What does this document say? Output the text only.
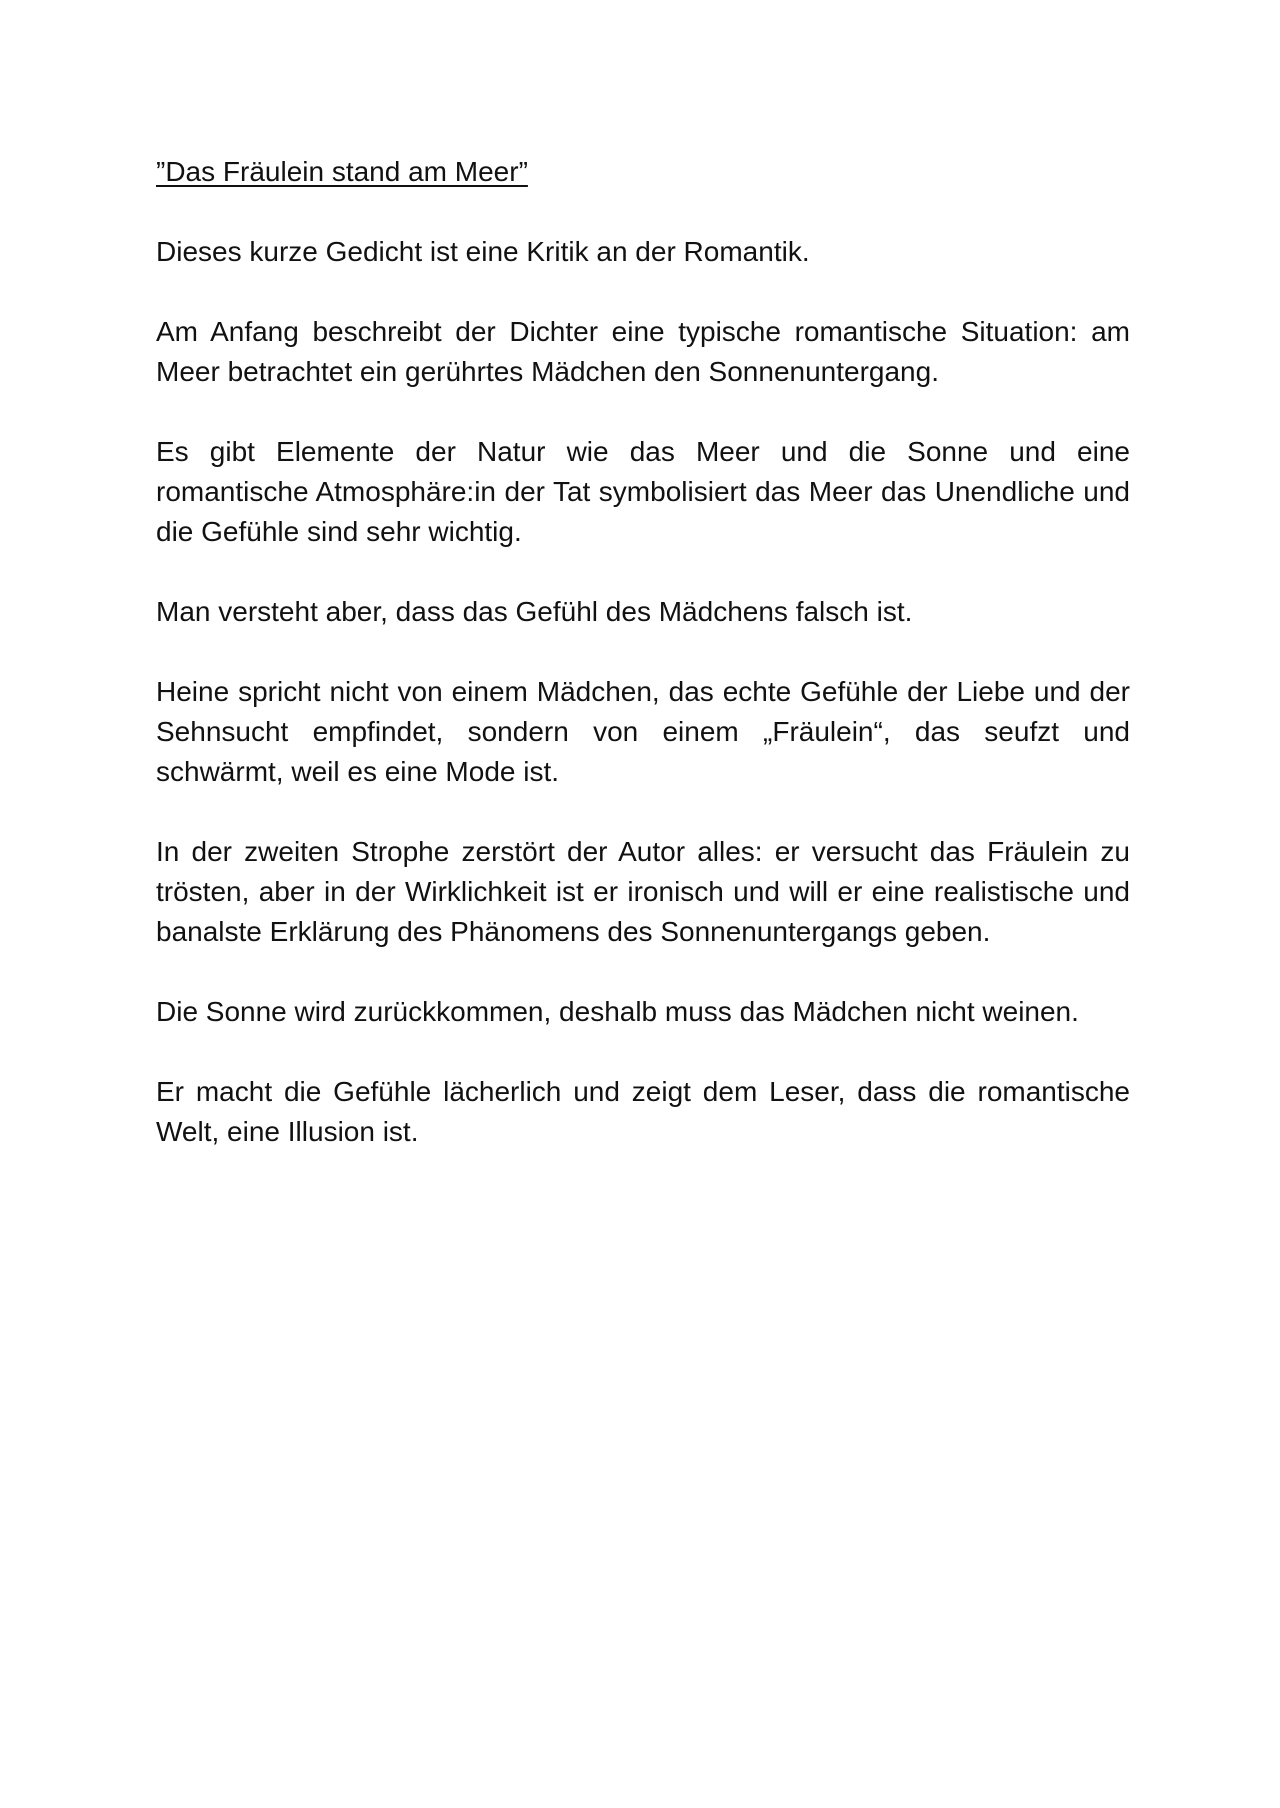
”Das Fräulein stand am Meer”

Dieses kurze Gedicht ist eine Kritik an der Romantik.

Am Anfang beschreibt der Dichter eine typische romantische Situation: am Meer betrachtet ein gerührtes Mädchen den Sonnenuntergang.

Es gibt Elemente der Natur wie das Meer und die Sonne und eine romantische Atmosphäre:in der Tat symbolisiert das Meer das Unendliche und die Gefühle sind sehr wichtig.

Man versteht aber, dass das Gefühl des Mädchens falsch ist.

Heine spricht nicht von einem Mädchen, das echte Gefühle der Liebe und der Sehnsucht empfindet, sondern von einem „Fräulein“, das seufzt und schwärmt, weil es eine Mode ist.

In der zweiten Strophe zerstört der Autor alles: er versucht das Fräulein zu trösten, aber in der Wirklichkeit ist er ironisch und will er eine realistische und banalste Erklärung des Phänomens des Sonnenuntergangs geben.

Die Sonne wird zurückkommen, deshalb muss das Mädchen nicht weinen.

Er macht die Gefühle lächerlich und zeigt dem Leser, dass die romantische Welt, eine Illusion ist.
